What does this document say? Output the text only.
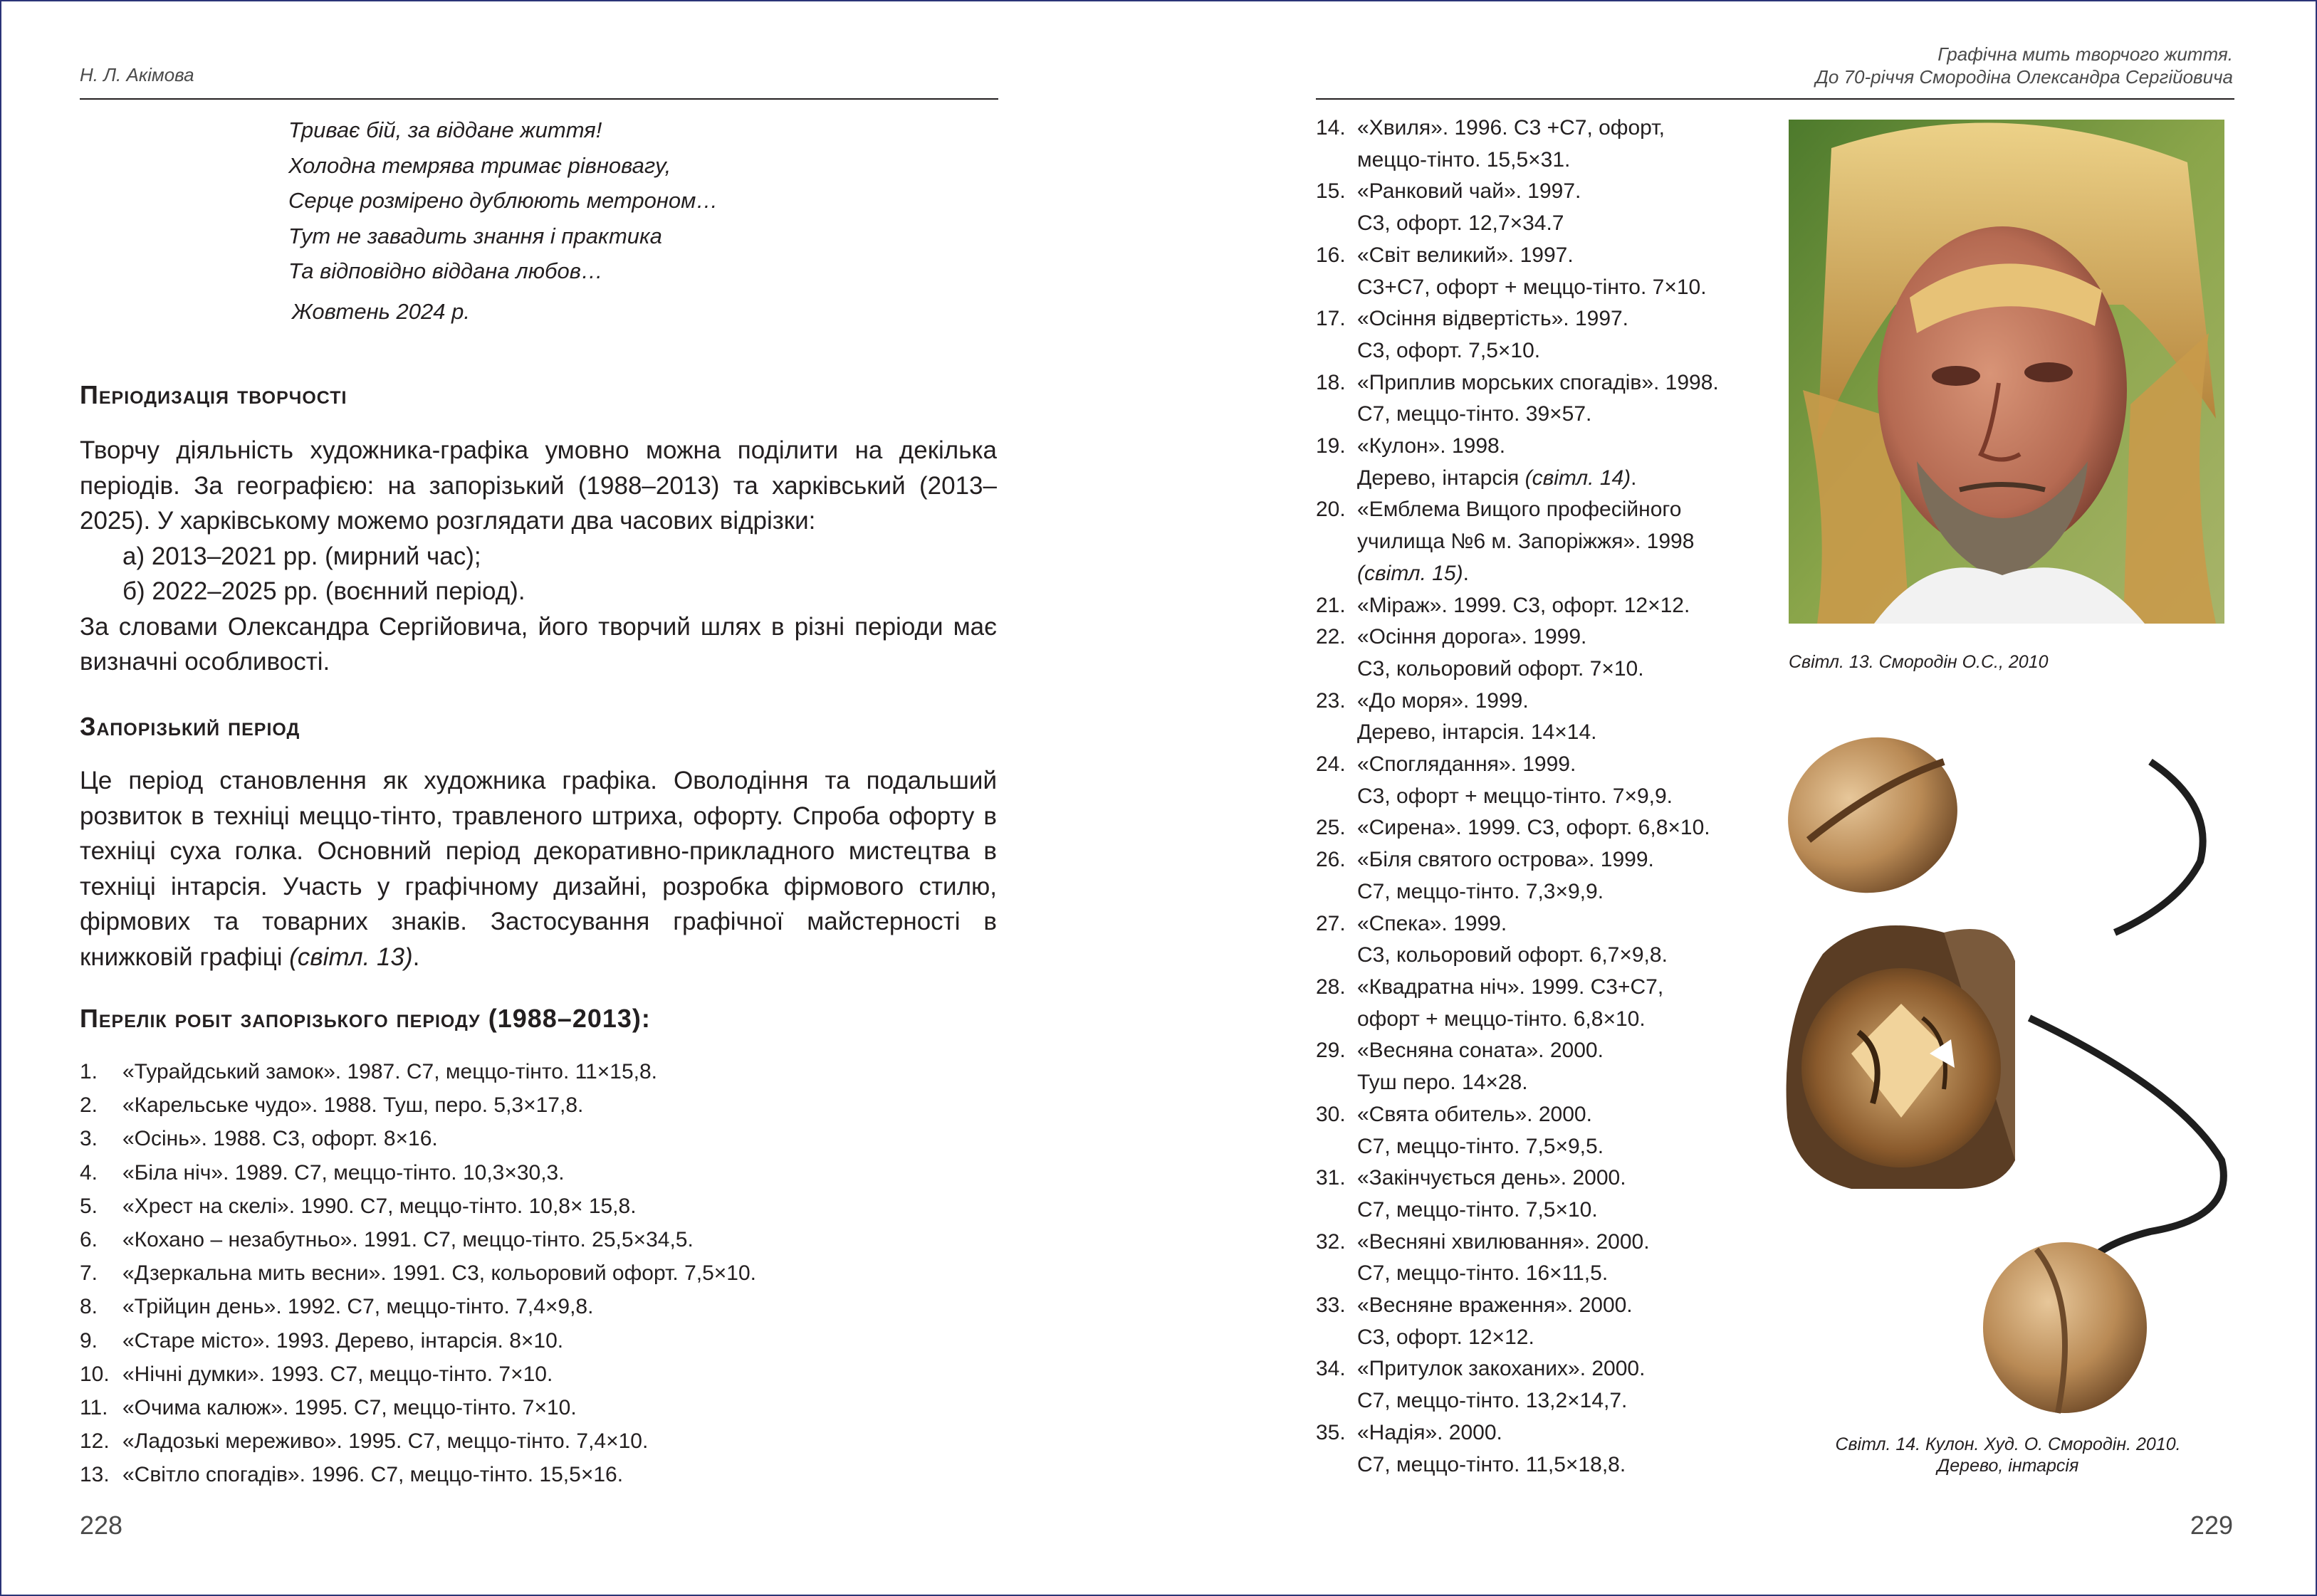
Н. Л. Акімова
Триває бій, за віддане життя!
Холодна темрява тримає рівновагу,
Серце розмірено дублюють метроном…
Тут не завадить знання і практика
Та відповідно віддана любов…
Жовтень 2024 р.
Періодизація творчості
Творчу діяльність художника-графіка умовно можна поділити на декілька періодів. За географією: на запорізький (1988–2013) та харківський (2013–2025). У харківському можемо розглядати два часових відрізки:
а) 2013–2021 рр. (мирний час);
б) 2022–2025 рр. (воєнний період).
За словами Олександра Сергійовича, його творчий шлях в різні періоди має визначні особливості.
Запорізький період
Це період становлення як художника графіка. Оволодіння та подальший розвиток в техніці меццо-тінто, травленого штриха, офорту. Спроба офорту в техніці суха голка. Основний період декоративно-прикладного мистецтва в техніці інтарсія. Участь у графічному дизайні, розробка фірмового стилю, фірмових та товарних знаків. Застосування графічної майстерності в книжковій графіці (світл. 13).
Перелік робіт запорізького періоду (1988–2013):
1. «Турайдський замок». 1987. С7, меццо-тінто. 11×15,8.
2. «Карельське чудо». 1988. Туш, перо. 5,3×17,8.
3. «Осінь». 1988. С3, офорт. 8×16.
4. «Біла ніч». 1989. С7, меццо-тінто. 10,3×30,3.
5. «Хрест на скелі». 1990. С7, меццо-тінто. 10,8× 15,8.
6. «Кохано – незабутньо». 1991. С7, меццо-тінто. 25,5×34,5.
7. «Дзеркальна мить весни». 1991. С3, кольоровий офорт. 7,5×10.
8. «Трійцин день». 1992. С7, меццо-тінто. 7,4×9,8.
9. «Старе місто». 1993. Дерево, інтарсія. 8×10.
10. «Нічні думки». 1993. С7, меццо-тінто. 7×10.
11. «Очима калюж». 1995. С7, меццо-тінто. 7×10.
12. «Ладозькі мереживо». 1995. С7, меццо-тінто. 7,4×10.
13. «Світло спогадів». 1996. С7, меццо-тінто. 15,5×16.
228
Графічна мить творчого життя.
До 70-річчя Смородіна Олександра Сергійовича
14. «Хвиля». 1996. С3 +С7, офорт,
меццо-тінто. 15,5×31.
15. «Ранковий чай». 1997.
С3, офорт. 12,7×34.7
16. «Світ великий». 1997.
С3+С7, офорт + меццо-тінто. 7×10.
17. «Осіння відвертість». 1997.
С3, офорт. 7,5×10.
18. «Приплив морських спогадів». 1998.
С7, меццо-тінто. 39×57.
19. «Кулон». 1998.
Дерево, інтарсія (світл. 14).
20. «Емблема Вищого професійного
училища №6 м. Запоріжжя». 1998
(світл. 15).
21. «Міраж». 1999. С3, офорт. 12×12.
22. «Осіння дорога». 1999.
С3, кольоровий офорт. 7×10.
23. «До моря». 1999.
Дерево, інтарсія. 14×14.
24. «Споглядання». 1999.
С3, офорт + меццо-тінто. 7×9,9.
25. «Сирена». 1999. С3, офорт. 6,8×10.
26. «Біля святого острова». 1999.
С7, меццо-тінто. 7,3×9,9.
27. «Спека». 1999.
С3, кольоровий офорт. 6,7×9,8.
28. «Квадратна ніч». 1999. С3+С7,
офорт + меццо-тінто. 6,8×10.
29. «Весняна соната». 2000.
Туш перо. 14×28.
30. «Свята обитель». 2000.
С7, меццо-тінто. 7,5×9,5.
31. «Закінчується день». 2000.
С7, меццо-тінто. 7,5×10.
32. «Весняні хвилювання». 2000.
С7, меццо-тінто. 16×11,5.
33. «Весняне враження». 2000.
С3, офорт. 12×12.
34. «Притулок закоханих». 2000.
С7, меццо-тінто. 13,2×14,7.
35. «Надія». 2000.
С7, меццо-тінто. 11,5×18,8.
Світл. 13. Смородін О.С., 2010
Світл. 14. Кулон. Худ. О. Смородін. 2010.
Дерево, інтарсія
229
